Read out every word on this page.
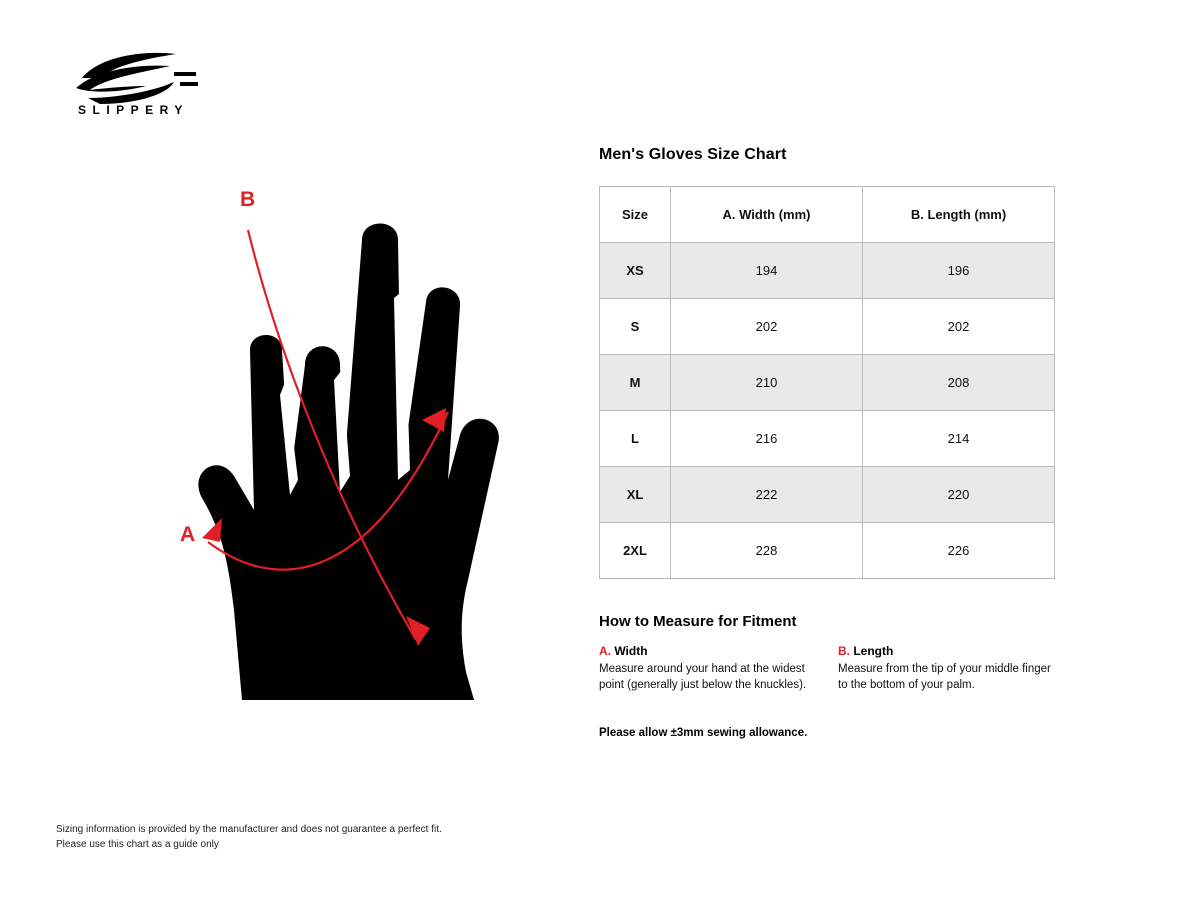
SLIPPERY
B
A
Men's Gloves Size Chart
Size	A. Width (mm)	B. Length (mm)
XS	194	196
S	202	202
M	210	208
L	216	214
XL	222	220
2XL	228	226
How to Measure for Fitment
A. Width
Measure around your hand at the widest point (generally just below the knuckles).
B. Length
Measure from the tip of your middle finger to the bottom of your palm.
Please allow ±3mm sewing allowance.
Sizing information is provided by the manufacturer and does not guarantee a perfect fit.
Please use this chart as a guide only
